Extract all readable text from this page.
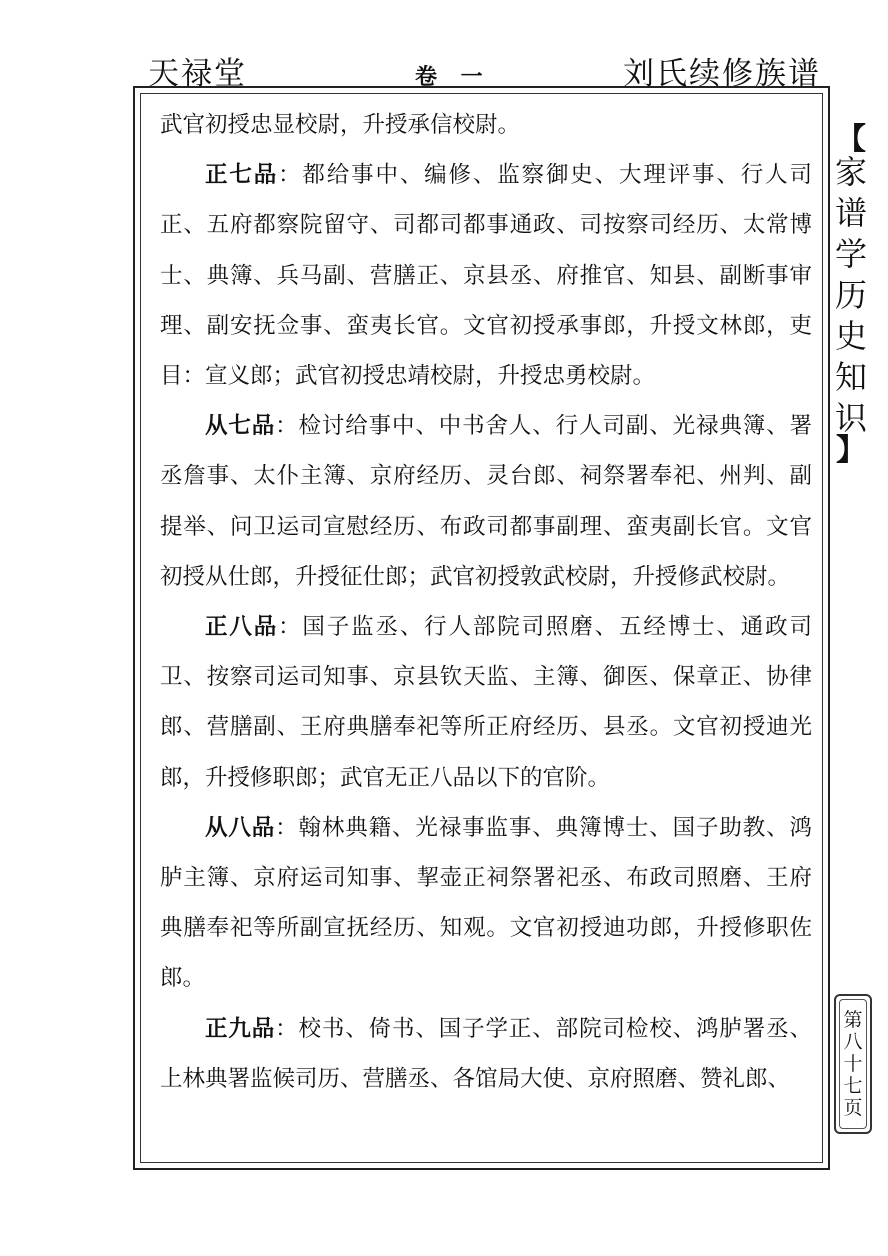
天禄堂	卷 一	刘氏续修族谱

武官初授忠显校尉，升授承信校尉。

正七品：都给事中、编修、监察御史、大理评事、行人司正、五府都察院留守、司都司都事通政、司按察司经历、太常博士、典簿、兵马副、营膳正、京县丞、府推官、知县、副断事审理、副安抚佥事、蛮夷长官。文官初授承事郎，升授文林郎，吏目：宣义郎；武官初授忠靖校尉，升授忠勇校尉。

从七品：检讨给事中、中书舍人、行人司副、光禄典簿、署丞詹事、太仆主簿、京府经历、灵台郎、祠祭署奉祀、州判、副提举、问卫运司宣慰经历、布政司都事副理、蛮夷副长官。文官初授从仕郎，升授征仕郎；武官初授敦武校尉，升授修武校尉。

正八品：国子监丞、行人部院司照磨、五经博士、通政司卫、按察司运司知事、京县钦天监、主簿、御医、保章正、协律郎、营膳副、王府典膳奉祀等所正府经历、县丞。文官初授迪光郎，升授修职郎；武官无正八品以下的官阶。

从八品：翰林典籍、光禄事监事、典簿博士、国子助教、鸿胪主簿、京府运司知事、挈壶正祠祭署祀丞、布政司照磨、王府典膳奉祀等所副宣抚经历、知观。文官初授迪功郎，升授修职佐郎。

正九品：校书、倚书、国子学正、部院司检校、鸿胪署丞、上林典署监候司历、营膳丞、各馆局大使、京府照磨、赞礼郎、

【
家
谱
学
历
史
知
识
】
第
八
十
七
页
